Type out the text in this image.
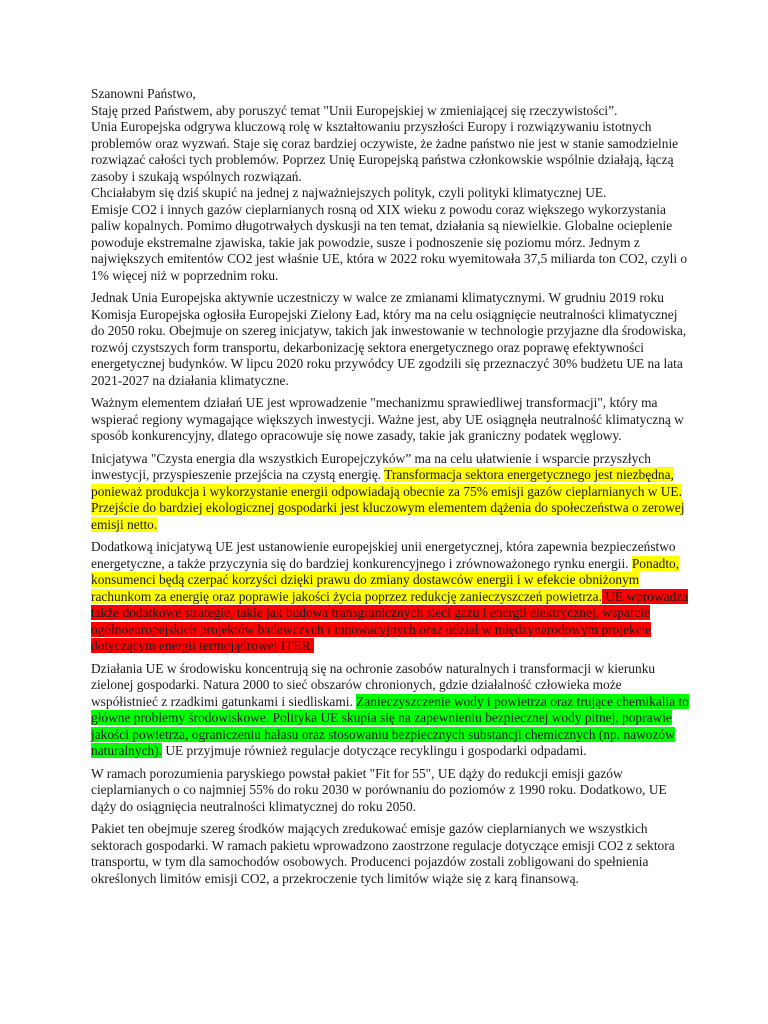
Szanowni Państwo,

Staję przed Państwem, aby poruszyć temat "Unii Europejskiej w zmieniającej się rzeczywistości”.

Unia Europejska odgrywa kluczową rolę w kształtowaniu przyszłości Europy i rozwiązywaniu istotnych problemów oraz wyzwań. Staje się coraz bardziej oczywiste, że żadne państwo nie jest w stanie samodzielnie rozwiązać całości tych problemów. Poprzez Unię Europejską państwa członkowskie wspólnie działają, łączą zasoby i szukają wspólnych rozwiązań.

Chciałabym się dziś skupić na jednej z najważniejszych polityk, czyli polityki klimatycznej UE.

Emisje CO2 i innych gazów cieplarnianych rosną od XIX wieku z powodu coraz większego wykorzystania paliw kopalnych. Pomimo długotrwałych dyskusji na ten temat, działania są niewielkie. Globalne ocieplenie powoduje ekstremalne zjawiska, takie jak powodzie, susze i podnoszenie się poziomu mórz. Jednym z największych emitentów CO2 jest właśnie UE, która w 2022 roku wyemitowała 37,5 miliarda ton CO2, czyli o 1% więcej niż w poprzednim roku.

Jednak Unia Europejska aktywnie uczestniczy w walce ze zmianami klimatycznymi. W grudniu 2019 roku Komisja Europejska ogłosiła Europejski Zielony Ład, który ma na celu osiągnięcie neutralności klimatycznej do 2050 roku. Obejmuje on szereg inicjatyw, takich jak inwestowanie w technologie przyjazne dla środowiska, rozwój czystszych form transportu, dekarbonizację sektora energetycznego oraz poprawę efektywności energetycznej budynków. W lipcu 2020 roku przywódcy UE zgodzili się przeznaczyć 30% budżetu UE na lata 2021-2027 na działania klimatyczne.

Ważnym elementem działań UE jest wprowadzenie "mechanizmu sprawiedliwej transformacji", który ma wspierać regiony wymagające większych inwestycji. Ważne jest, aby UE osiągnęła neutralność klimatyczną w sposób konkurencyjny, dlatego opracowuje się nowe zasady, takie jak graniczny podatek węglowy.

Inicjatywa "Czysta energia dla wszystkich Europejczyków” ma na celu ułatwienie i wsparcie przyszłych inwestycji, przyspieszenie przejścia na czystą energię. Transformacja sektora energetycznego jest niezbędna, ponieważ produkcja i wykorzystanie energii odpowiadają obecnie za 75% emisji gazów cieplarnianych w UE. Przejście do bardziej ekologicznej gospodarki jest kluczowym elementem dążenia do społeczeństwa o zerowej emisji netto.

Dodatkową inicjatywą UE jest ustanowienie europejskiej unii energetycznej, która zapewnia bezpieczeństwo energetyczne, a także przyczynia się do bardziej konkurencyjnego i zrównoważonego rynku energii. Ponadto, konsumenci będą czerpać korzyści dzięki prawu do zmiany dostawców energii i w efekcie obniżonym rachunkom za energię oraz poprawie jakości życia poprzez redukcję zanieczyszczeń powietrza. UE wprowadza także dodatkowe strategie, takie jak budowa transgranicznych sieci gazu i energii elektrycznej, wsparcie ogólnoeuropejskich projektów badawczych i innowacyjnych oraz udział w międzynarodowym projekcie dotyczącym energii termojądrowej ITER.

Działania UE w środowisku koncentrują się na ochronie zasobów naturalnych i transformacji w kierunku zielonej gospodarki. Natura 2000 to sieć obszarów chronionych, gdzie działalność człowieka może współistnieć z rzadkimi gatunkami i siedliskami. Zanieczyszczenie wody i powietrza oraz trujące chemikalia to główne problemy środowiskowe. Polityka UE skupia się na zapewnieniu bezpiecznej wody pitnej, poprawie jakości powietrza, ograniczeniu hałasu oraz stosowaniu bezpiecznych substancji chemicznych (np. nawozów naturalnych). UE przyjmuje również regulacje dotyczące recyklingu i gospodarki odpadami.

W ramach porozumienia paryskiego powstał pakiet "Fit for 55", UE dąży do redukcji emisji gazów cieplarnianych o co najmniej 55% do roku 2030 w porównaniu do poziomów z 1990 roku. Dodatkowo, UE dąży do osiągnięcia neutralności klimatycznej do roku 2050.

Pakiet ten obejmuje szereg środków mających zredukować emisje gazów cieplarnianych we wszystkich sektorach gospodarki. W ramach pakietu wprowadzono zaostrzone regulacje dotyczące emisji CO2 z sektora transportu, w tym dla samochodów osobowych. Producenci pojazdów zostali zobligowani do spełnienia określonych limitów emisji CO2, a przekroczenie tych limitów wiąże się z karą finansową.
